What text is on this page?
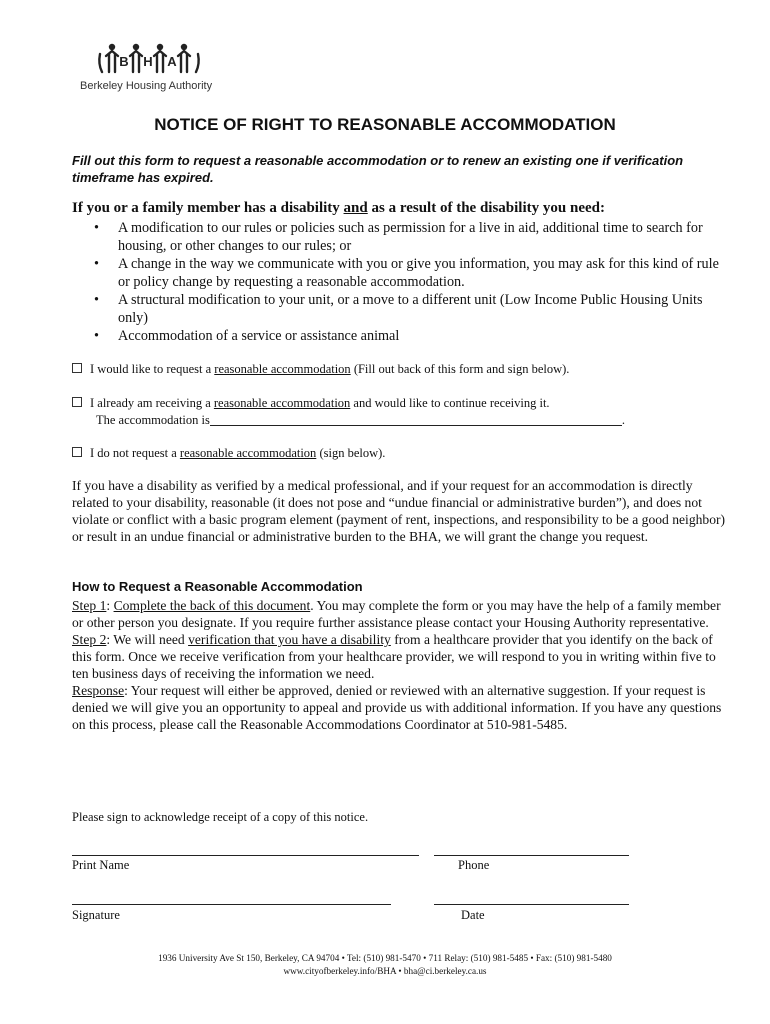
B H A
Berkeley Housing Authority
NOTICE OF RIGHT TO REASONABLE ACCOMMODATION
Fill out this form to request a reasonable accommodation or to renew an existing one if verification timeframe has expired.
If you or a family member has a disability and as a result of the disability you need:
• A modification to our rules or policies such as permission for a live in aid, additional time to search for housing, or other changes to our rules; or
• A change in the way we communicate with you or give you information, you may ask for this kind of rule or policy change by requesting a reasonable accommodation.
• A structural modification to your unit, or a move to a different unit (Low Income Public Housing Units only)
• Accommodation of a service or assistance animal
I would like to request a reasonable accommodation (Fill out back of this form and sign below).
I already am receiving a reasonable accommodation and would like to continue receiving it.
The accommodation is	.
I do not request a reasonable accommodation (sign below).
If you have a disability as verified by a medical professional, and if your request for an accommodation is directly related to your disability, reasonable (it does not pose and “undue financial or administrative burden”), and does not violate or conflict with a basic program element (payment of rent, inspections, and responsibility to be a good neighbor) or result in an undue financial or administrative burden to the BHA, we will grant the change you request.
How to Request a Reasonable Accommodation

Step 1: Complete the back of this document. You may complete the form or you may have the help of a family member or other person you designate. If you require further assistance please contact your Housing Authority representative.

Step 2: We will need verification that you have a disability from a healthcare provider that you identify on the back of this form. Once we receive verification from your healthcare provider, we will respond to you in writing within five to ten business days of receiving the information we need.

Response: Your request will either be approved, denied or reviewed with an alternative suggestion. If your request is denied we will give you an opportunity to appeal and provide us with additional information. If you have any questions on this process, please call the Reasonable Accommodations Coordinator at 510-981-5485.

Please sign to acknowledge receipt of a copy of this notice.
Print Name	Phone
Signature	Date
1936 University Ave St 150, Berkeley, CA 94704 • Tel: (510) 981-5470 • 711 Relay: (510) 981-5485 • Fax: (510) 981-5480
www.cityofberkeley.info/BHA • bha@ci.berkeley.ca.us
